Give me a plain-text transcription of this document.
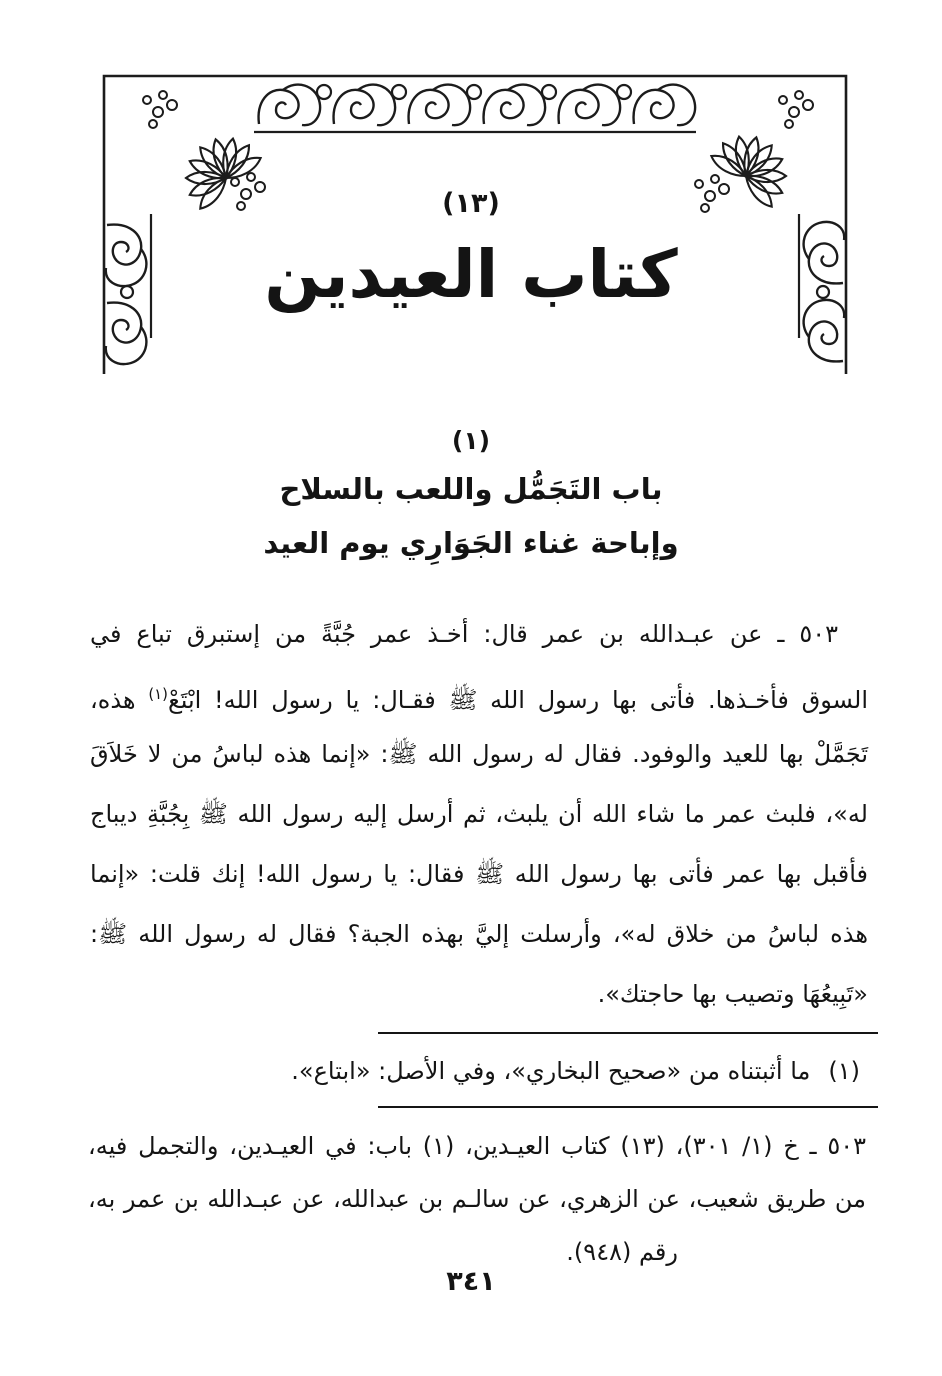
(١٣)
كتاب العيدين
(١)
باب التَجَمُّل واللعب بالسلاح
وإباحة غناء الجَوَارِي يوم العيد
٥٠٣ ـ عن عبـدالله بن عمر قال: أخـذ عمر جُبَّةً من إستبرق تباع في
السوق فأخـذها. فأتى بها رسول الله ﷺ فقـال: يا رسول الله! ابْتَعْ$^{(١)}$ هذه،
تَجَمَّلْ بها للعيد والوفود. فقال له رسول الله ﷺ: «إنما هذه لباسُ من لا خَلاَقَ
له»، فلبث عمر ما شاء الله أن يلبث، ثم أرسل إليه رسول الله ﷺ بِجُبَّةِ ديباج
فأقبل بها عمر فأتى بها رسول الله ﷺ فقال: يا رسول الله! إنك قلت: «إنما
هذه لباسُ من خلاق له»، وأرسلت إليَّ بهذه الجبة؟ فقال له رسول الله ﷺ:
«تَبِيعُهَا وتصيب بها حاجتك».
(١)ما أثبتناه من «صحيح البخاري»، وفي الأصل: «ابتاع».
٥٠٣ ـ خ (١/ ٣٠١)، (١٣) كتاب العيـدين، (١) باب: في العيـدين، والتجمل فيه،
من طريق شعيب، عن الزهري، عن سالـم بن عبدالله، عن عبـدالله بن عمر به،
رقم (٩٤٨).
٣٤١
